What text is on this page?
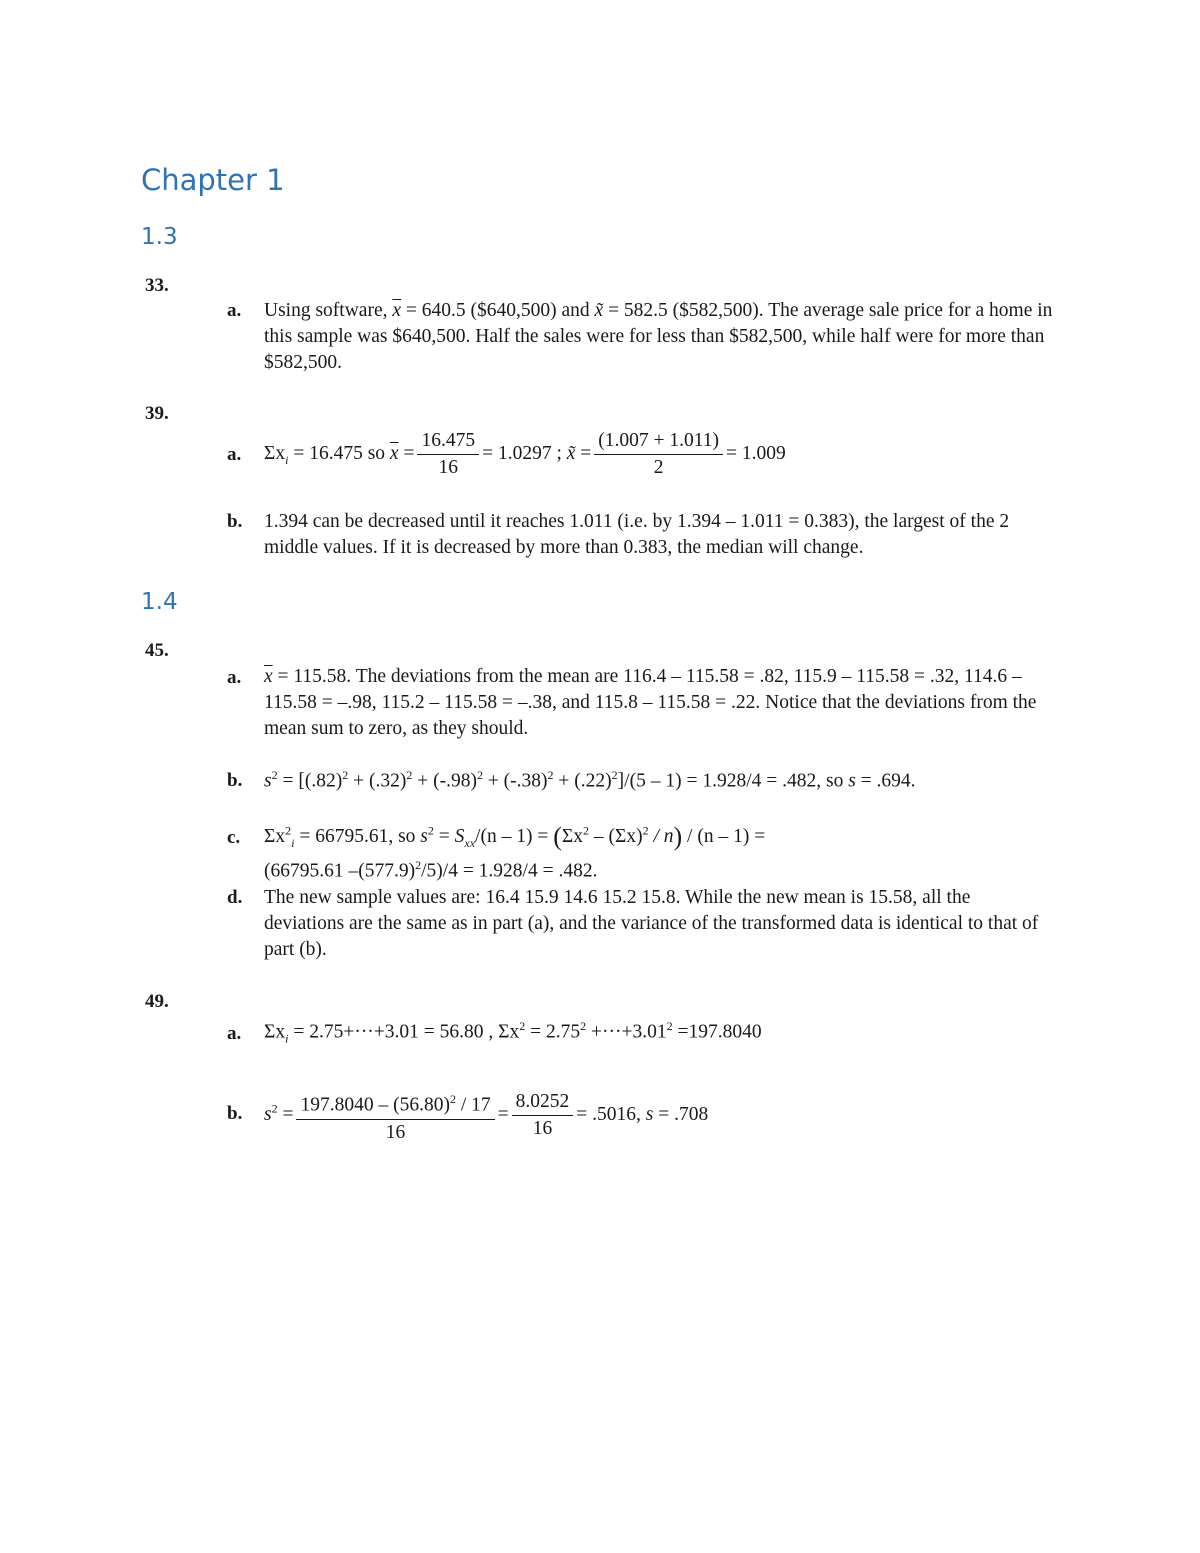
Chapter 1
1.3
33.
a. Using software, $\overline{x} = 640.5$ ($640,500) and x̃ = 582.5 ($582,500). The average sale price for a home in this sample was $640,500. Half the sales were for less than $582,500, while half were for more than $582,500.
39.
a. $\Sigma x_i = 16.475$ so $\overline{x} = \frac{16.475}{16} = 1.0297$ ; x̃ = $\frac{(1.007 + 1.011)}{2} = 1.009$
b. 1.394 can be decreased until it reaches 1.011 (i.e. by 1.394 – 1.011 = 0.383), the largest of the 2 middle values. If it is decreased by more than 0.383, the median will change.
1.4
45.
a. $\overline{x} = 115.58$. The deviations from the mean are 116.4 – 115.58 = .82, 115.9 – 115.58 = .32, 114.6 –115.58 = –.98, 115.2 – 115.58 = –.38, and 115.8 – 115.58 = .22. Notice that the deviations from the mean sum to zero, as they should.
b. $s^2 = [(.82)^2 + (.32)^2 + (-.98)^2 + (-.38)^2 + (.22)^2]/(5 - 1) = 1.928/4 = .482$, so s = .694.
c. $\Sigma x^2_i = 66795.61$, so $s^2 = S_{xx}/(n - 1) = (\Sigma x^2 - (\Sigma x)^2 / n) / (n - 1)$ =
(66795.61 $-(577.9)^2/5)/4 = 1.928/4 = .482$.
d. The new sample values are: 16.4 15.9 14.6 15.2 15.8. While the new mean is 15.58, all the deviations are the same as in part (a), and the variance of the transformed data is identical to that of part (b).
49.
a. $\Sigma x_i = 2.75+\cdot\cdot\cdot+3.01 = 56.80$ , $\Sigma x^2 = 2.75^2 +\cdot\cdot\cdot+3.01^2 =197.8040$
b. $s^2 = \frac{197.8040 - (56.80)^2 / 17}{16} = \frac{8.0252}{16} = .5016$, s = .708
